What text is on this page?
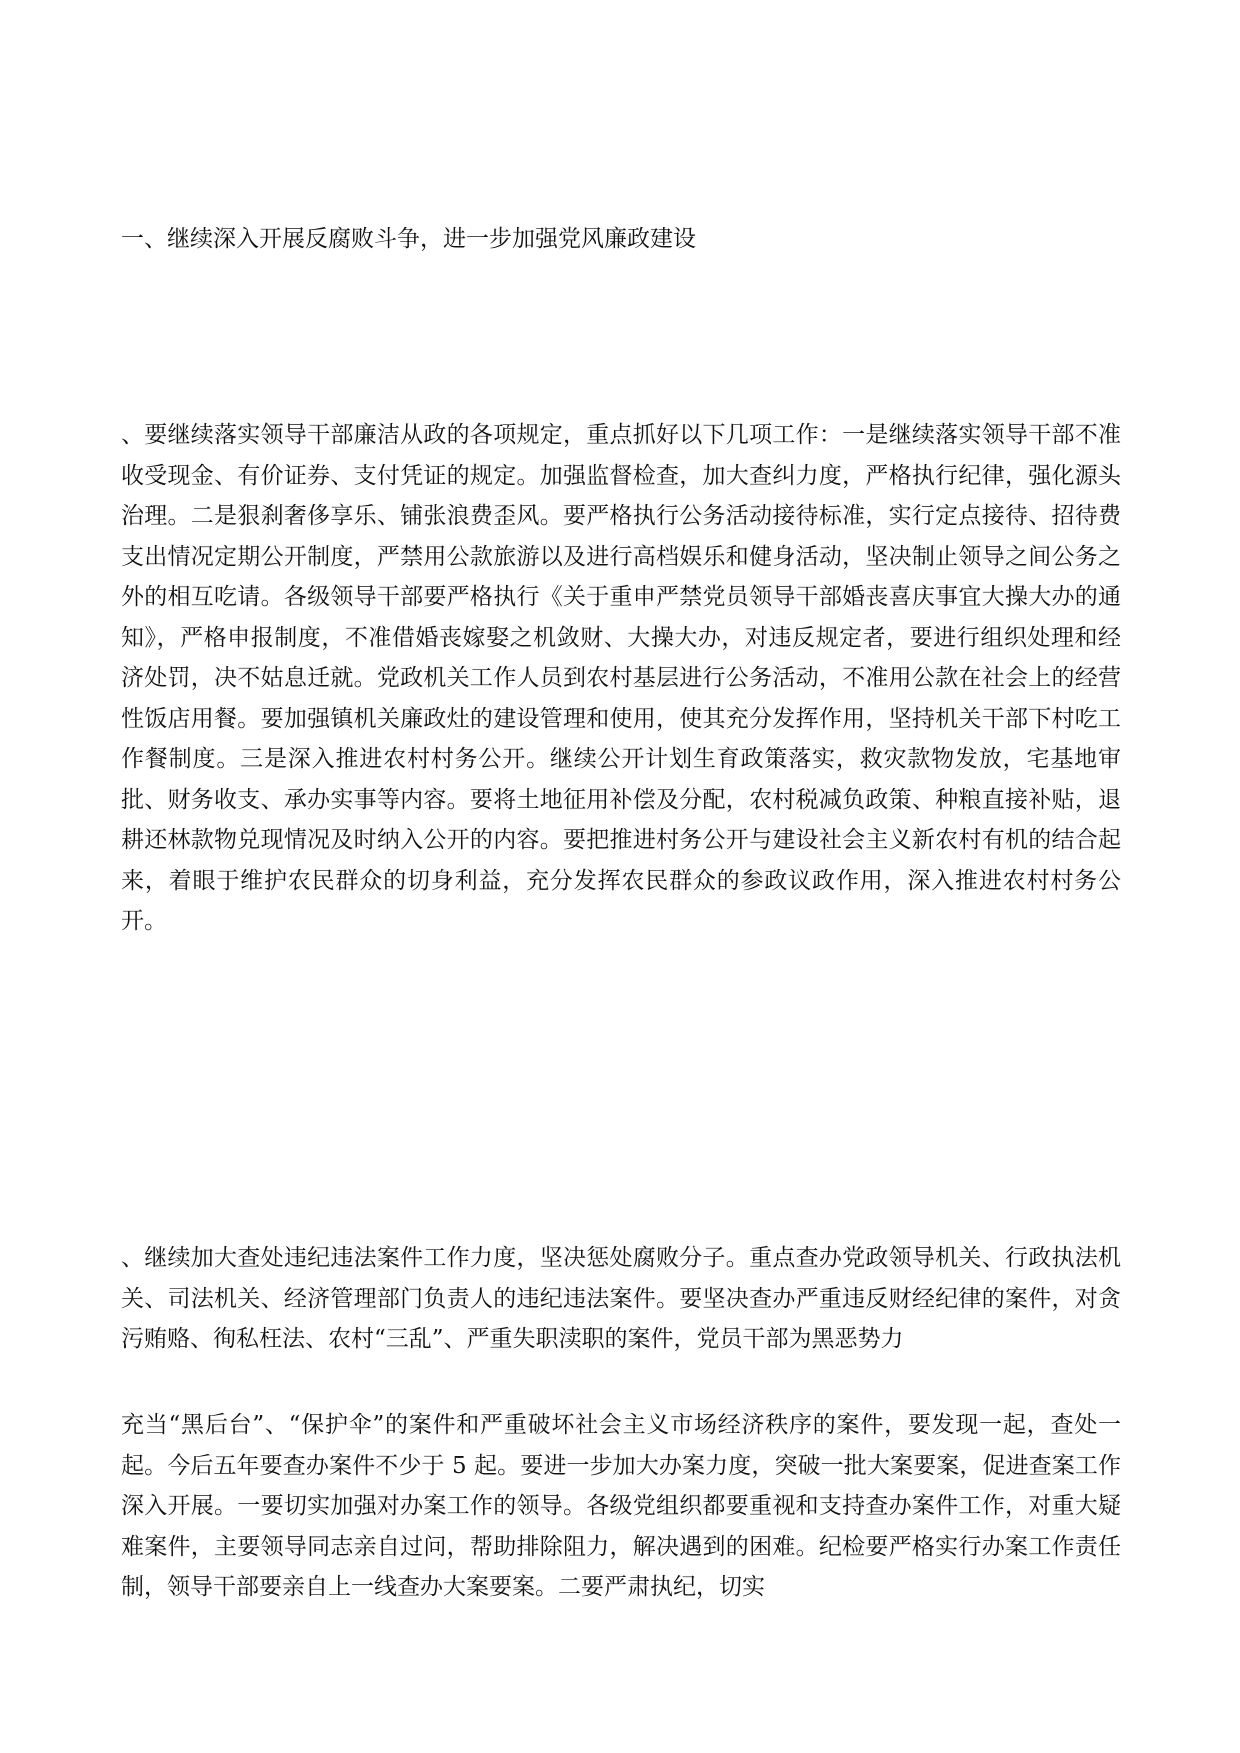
一、继续深入开展反腐败斗争，进一步加强党风廉政建设

、要继续落实领导干部廉洁从政的各项规定，重点抓好以下几项工作：一是继续落实领导干部不准收受现金、有价证券、支付凭证的规定。加强监督检查，加大查纠力度，严格执行纪律，强化源头治理。二是狠刹奢侈享乐、铺张浪费歪风。要严格执行公务活动接待标准，实行定点接待、招待费支出情况定期公开制度，严禁用公款旅游以及进行高档娱乐和健身活动，坚决制止领导之间公务之外的相互吃请。各级领导干部要严格执行《关于重申严禁党员领导干部婚丧喜庆事宜大操大办的通知》，严格申报制度，不准借婚丧嫁娶之机敛财、大操大办，对违反规定者，要进行组织处理和经济处罚，决不姑息迁就。党政机关工作人员到农村基层进行公务活动，不准用公款在社会上的经营性饭店用餐。要加强镇机关廉政灶的建设管理和使用，使其充分发挥作用，坚持机关干部下村吃工作餐制度。三是深入推进农村村务公开。继续公开计划生育政策落实，救灾款物发放，宅基地审批、财务收支、承办实事等内容。要将土地征用补偿及分配，农村税减负政策、种粮直接补贴，退耕还林款物兑现情况及时纳入公开的内容。要把推进村务公开与建设社会主义新农村有机的结合起来，着眼于维护农民群众的切身利益，充分发挥农民群众的参政议政作用，深入推进农村村务公开。

、继续加大查处违纪违法案件工作力度，坚决惩处腐败分子。重点查办党政领导机关、行政执法机关、司法机关、经济管理部门负责人的违纪违法案件。要坚决查办严重违反财经纪律的案件，对贪污贿赂、徇私枉法、农村“三乱”、严重失职渎职的案件，党员干部为黑恶势力

充当“黑后台”、“保护伞”的案件和严重破坏社会主义市场经济秩序的案件，要发现一起，查处一起。今后五年要查办案件不少于 5 起。要进一步加大办案力度，突破一批大案要案，促进查案工作深入开展。一要切实加强对办案工作的领导。各级党组织都要重视和支持查办案件工作，对重大疑难案件，主要领导同志亲自过问，帮助排除阻力，解决遇到的困难。纪检要严格实行办案工作责任制，领导干部要亲自上一线查办大案要案。二要严肃执纪，切实
